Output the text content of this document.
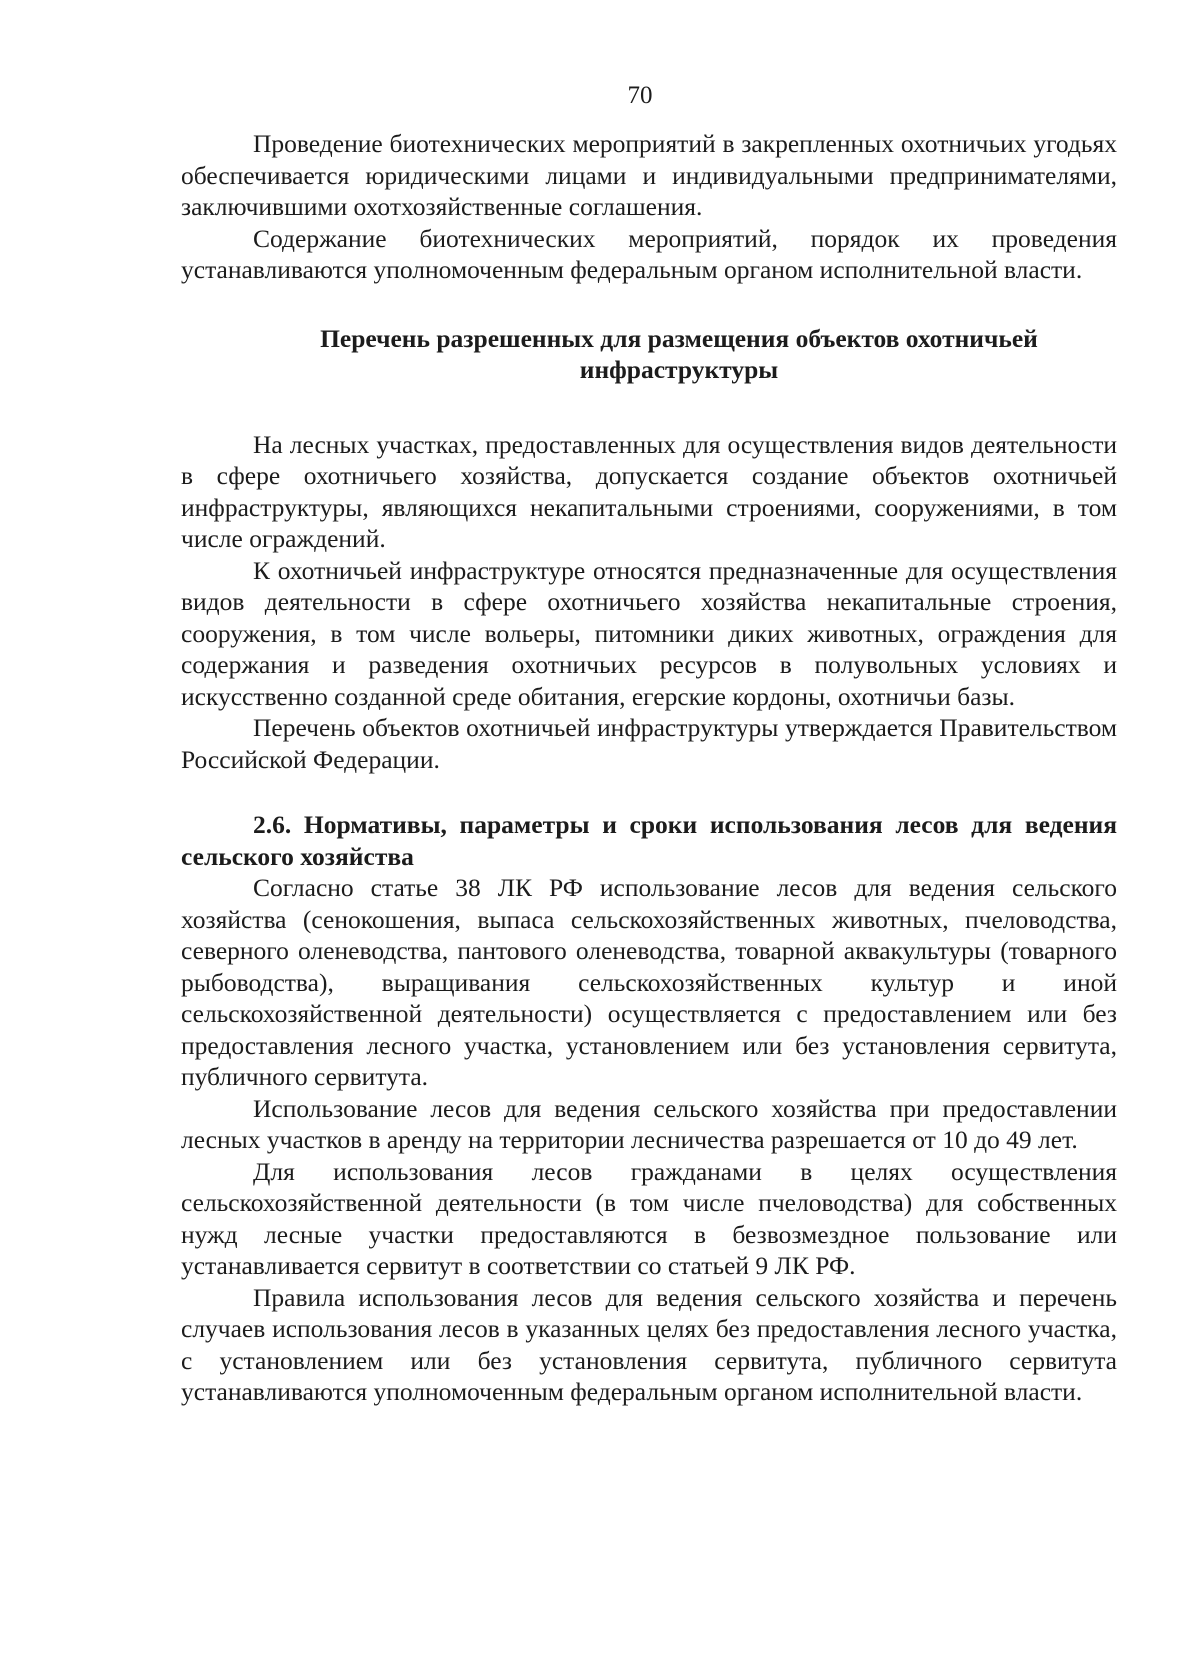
70

Проведение биотехнических мероприятий в закрепленных охотничьих угодьях обеспечивается юридическими лицами и индивидуальными предпринимателями, заключившими охотхозяйственные соглашения.

Содержание биотехнических мероприятий, порядок их проведения устанавливаются уполномоченным федеральным органом исполнительной власти.

Перечень разрешенных для размещения объектов охотничьей инфраструктуры

На лесных участках, предоставленных для осуществления видов деятельности в сфере охотничьего хозяйства, допускается создание объектов охотничьей инфраструктуры, являющихся некапитальными строениями, сооружениями, в том числе ограждений.

К охотничьей инфраструктуре относятся предназначенные для осуществления видов деятельности в сфере охотничьего хозяйства некапитальные строения, сооружения, в том числе вольеры, питомники диких животных, ограждения для содержания и разведения охотничьих ресурсов в полувольных условиях и искусственно созданной среде обитания, егерские кордоны, охотничьи базы.

Перечень объектов охотничьей инфраструктуры утверждается Правительством Российской Федерации.

2.6. Нормативы, параметры и сроки использования лесов для ведения сельского хозяйства

Согласно статье 38 ЛК РФ использование лесов для ведения сельского хозяйства (сенокошения, выпаса сельскохозяйственных животных, пчеловодства, северного оленеводства, пантового оленеводства, товарной аквакультуры (товарного рыбоводства), выращивания сельскохозяйственных культур и иной сельскохозяйственной деятельности) осуществляется с предоставлением или без предоставления лесного участка, установлением или без установления сервитута, публичного сервитута.

Использование лесов для ведения сельского хозяйства при предоставлении лесных участков в аренду на территории лесничества разрешается от 10 до 49 лет.

Для использования лесов гражданами в целях осуществления сельскохозяйственной деятельности (в том числе пчеловодства) для собственных нужд лесные участки предоставляются в безвозмездное пользование или устанавливается сервитут в соответствии со статьей 9 ЛК РФ.

Правила использования лесов для ведения сельского хозяйства и перечень случаев использования лесов в указанных целях без предоставления лесного участка, с установлением или без установления сервитута, публичного сервитута устанавливаются уполномоченным федеральным органом исполнительной власти.
